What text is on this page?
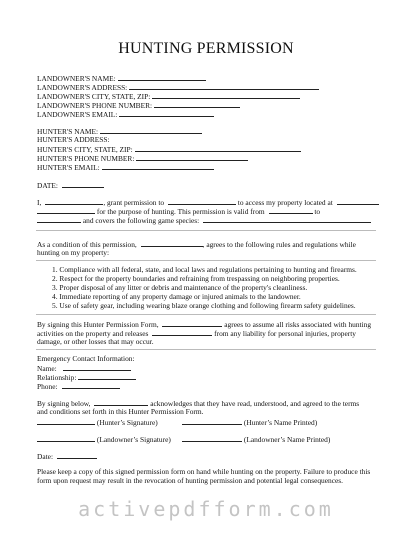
HUNTING PERMISSION
LANDOWNER'S NAME:
LANDOWNER'S ADDRESS:
LANDOWNER'S CITY, STATE, ZIP:
LANDOWNER'S PHONE NUMBER:
LANDOWNER'S EMAIL:
HUNTER'S NAME:
HUNTER'S ADDRESS:
HUNTER'S CITY, STATE, ZIP:
HUNTER'S PHONE NUMBER:
HUNTER'S EMAIL:
DATE:
I,	, grant permission to	to access my property located at
for the purpose of hunting. This permission is valid from	to
and covers the following game species:
As a condition of this permission,	, agrees to the following rules and regulations while
hunting on my property:
1. Compliance with all federal, state, and local laws and regulations pertaining to hunting and firearms.
2. Respect for the property boundaries and refraining from trespassing on neighboring properties.
3. Proper disposal of any litter or debris and maintenance of the property's cleanliness.
4. Immediate reporting of any property damage or injured animals to the landowner.
5. Use of safety gear, including wearing blaze orange clothing and following firearm safety guidelines.
By signing this Hunter Permission Form,	agrees to assume all risks associated with hunting
activities on the property and releases	from any liability for personal injuries, property
damage, or other losses that may occur.
Emergency Contact Information:
Name:
Relationship:
Phone:
By signing below,	acknowledges that they have read, understood, and agreed to the terms
and conditions set forth in this Hunter Permission Form.
(Hunter’s Signature)	(Hunter’s Name Printed)
(Landowner’s Signature)	(Landowner’s Name Printed)
Date:
Please keep a copy of this signed permission form on hand while hunting on the property. Failure to produce this
form upon request may result in the revocation of hunting permission and potential legal consequences.
activepdfform.com
